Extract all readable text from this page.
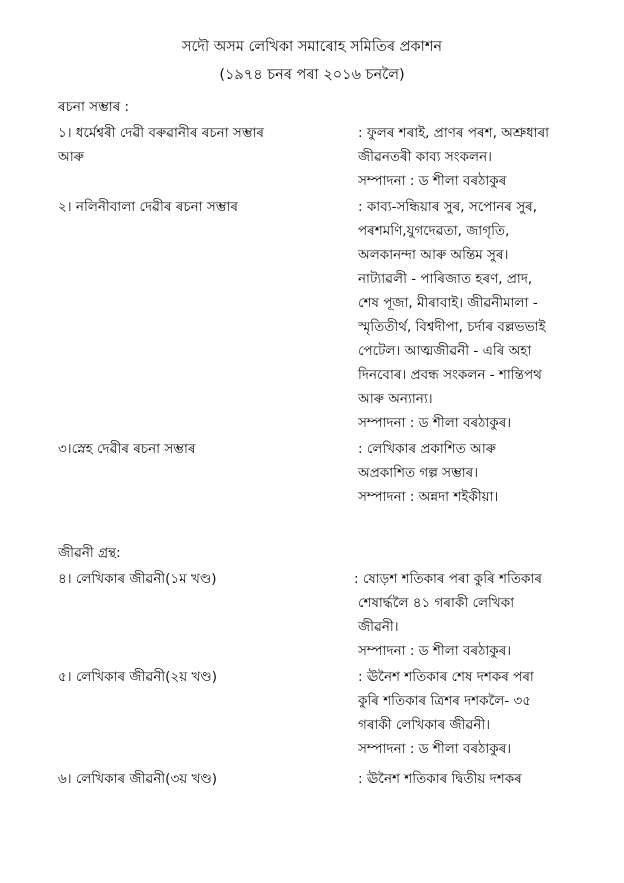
সদৌ অসম লেখিকা সমাৰোহ সমিতিৰ প্ৰকাশন
(১৯৭৪ চনৰ পৰা ২০১৬ চনলৈ)
ৰচনা সম্ভাৰ :
১। ধৰ্মেশ্বৰী দেৱী বৰুৱানীৰ ৰচনা সম্ভাৰ
আৰু
: ফুলৰ শৰাই, প্ৰাণৰ পৰশ, অশ্ৰুধাৰা
জীৱনতৰী কাব্য সংকলন।
সম্পাদনা : ড শীলা বৰঠাকুৰ
২। নলিনীবালা দেৱীৰ ৰচনা সম্ভাৰ	: কাব্য-সন্ধিয়াৰ সুৰ, সপোনৰ সুৰ,
পৰশমণি,যুগদেৱতা, জাগৃতি,
অলকানন্দা আৰু অন্তিম সুৰ।
নাট্যাৱলী - পাৰিজাত হৰণ, প্ৰাদ,
শেষ পূজা, মীৰাবাই। জীৱনীমালা -
স্মৃতিতীৰ্থ, বিশ্বদীপা, চৰ্দাৰ বল্লভভাই
পেটেল। আত্মজীৱনী - এৰি অহা
দিনবোৰ। প্ৰবন্ধ সংকলন - শান্তিপথ
আৰু অন্যান্য।
সম্পাদনা : ড শীলা বৰঠাকুৰ।
৩।স্নেহ দেৱীৰ ৰচনা সম্ভাৰ	: লেখিকাৰ প্ৰকাশিত আৰু
অপ্ৰকাশিত গল্প সম্ভাৰ।
সম্পাদনা : অন্নদা শইকীয়া।
জীৱনী গ্ৰন্থ:
৪। লেখিকাৰ জীৱনী(১ম খণ্ড)	: ষোড়শ শতিকাৰ পৰা কুৰি শতিকাৰ
শেষাৰ্দ্ধলৈ ৪১ গৰাকী লেখিকা
জীৱনী।
সম্পাদনা : ড শীলা বৰঠাকুৰ।
৫। লেখিকাৰ জীৱনী(২য় খণ্ড)	: ঊনৈশ শতিকাৰ শেষ দশকৰ পৰা
কুৰি শতিকাৰ ত্ৰিশৰ দশকলৈ- ৩৫
গৰাকী লেখিকাৰ জীৱনী।
সম্পাদনা : ড শীলা বৰঠাকুৰ।
৬। লেখিকাৰ জীৱনী(৩য় খণ্ড)	: ঊনৈশ শতিকাৰ দ্বিতীয় দশকৰ
